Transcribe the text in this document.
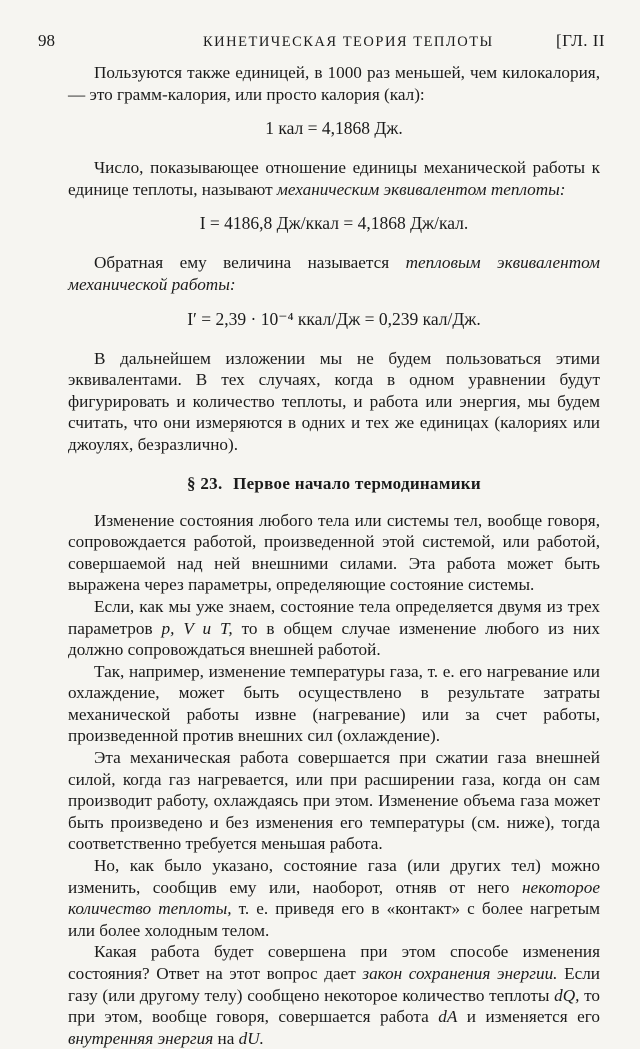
98	КИНЕТИЧЕСКАЯ ТЕОРИЯ ТЕПЛОТЫ	[ГЛ. II

Пользуются также единицей, в 1000 раз меньшей, чем килокалория, — это грамм-калория, или просто калория (кал):

1 кал = 4,1868 Дж.

Число, показывающее отношение единицы механической работы к единице теплоты, называют механическим эквивалентом теплоты:

I = 4186,8 Дж/ккал = 4,1868 Дж/кал.

Обратная ему величина называется тепловым эквивалентом механической работы:

I′ = 2,39 · 10⁻⁴ ккал/Дж = 0,239 кал/Дж.

В дальнейшем изложении мы не будем пользоваться этими эквивалентами. В тех случаях, когда в одном уравнении будут фигурировать и количество теплоты, и работа или энергия, мы будем считать, что они измеряются в одних и тех же единицах (калориях или джоулях, безразлично).

§ 23. Первое начало термодинамики

Изменение состояния любого тела или системы тел, вообще говоря, сопровождается работой, произведенной этой системой, или работой, совершаемой над ней внешними силами. Эта работа может быть выражена через параметры, определяющие состояние системы.

Если, как мы уже знаем, состояние тела определяется двумя из трех параметров p, V и T, то в общем случае изменение любого из них должно сопровождаться внешней работой.

Так, например, изменение температуры газа, т. е. его нагревание или охлаждение, может быть осуществлено в результате затраты механической работы извне (нагревание) или за счет работы, произведенной против внешних сил (охлаждение).

Эта механическая работа совершается при сжатии газа внешней силой, когда газ нагревается, или при расширении газа, когда он сам производит работу, охлаждаясь при этом. Изменение объема газа может быть произведено и без изменения его температуры (см. ниже), тогда соответственно требуется меньшая работа.

Но, как было указано, состояние газа (или других тел) можно изменить, сообщив ему или, наоборот, отняв от него некоторое количество теплоты, т. е. приведя его в «контакт» с более нагретым или более холодным телом.

Какая работа будет совершена при этом способе изменения состояния? Ответ на этот вопрос дает закон сохранения энергии. Если газу (или другому телу) сообщено некоторое количество теплоты dQ, то при этом, вообще говоря, совершается работа dA и изменяется его внутренняя энергия на dU.
